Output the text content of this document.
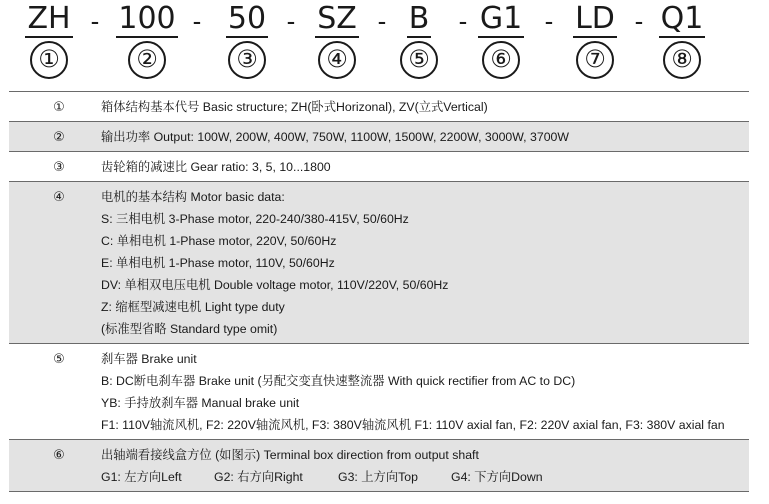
ZH
①
- 100
②
- 50
③
- SZ
④
- B
⑤
- G1
⑥
- LD
⑦
- Q1
⑧
①	箱体结构基本代号 Basic structure; ZH(卧式Horizonal), ZV(立式Vertical)
②	输出功率 Output: 100W, 200W, 400W, 750W, 1100W, 1500W, 2200W, 3000W, 3700W
③	齿轮箱的减速比 Gear ratio: 3, 5, 10...1800
④	电机的基本结构 Motor basic data:
S: 三相电机 3-Phase motor, 220-240/380-415V, 50/60Hz
C: 单相电机 1-Phase motor, 220V, 50/60Hz
E: 单相电机 1-Phase motor, 110V, 50/60Hz
DV: 单相双电压电机 Double voltage motor, 110V/220V, 50/60Hz
Z: 缩框型减速电机 Light type duty
(标准型省略 Standard type omit)
⑤	刹车器 Brake unit
B: DC断电刹车器 Brake unit (另配交变直快速整流器 With quick rectifier from AC to DC)
YB: 手持放刹车器 Manual brake unit
F1: 110V轴流风机, F2: 220V轴流风机, F3: 380V轴流风机 F1: 110V axial fan, F2: 220V axial fan, F3: 380V axial fan
⑥	出轴端看接线盒方位 (如图示) Terminal box direction from output shaft
G1: 左方向Left	G2: 右方向Right	G3: 上方向Top	G4: 下方向Down
